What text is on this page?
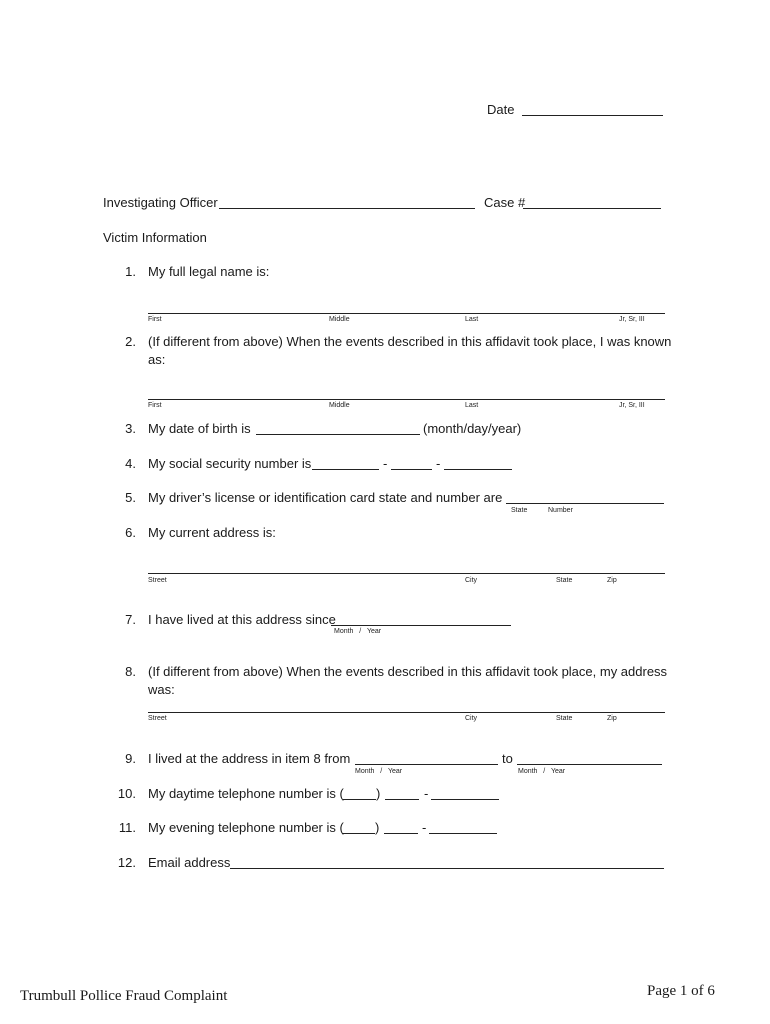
Date
Investigating Officer	Case #
Victim Information
1. My full legal name is:
First	Middle	Last	Jr, Sr, III
2. (If different from above) When the events described in this affidavit took place, I was known
as:
First	Middle	Last	Jr, Sr, III
3. My date of birth is	(month/day/year)
4. My social security number is	-	-
5. My driver’s license or identification card state and number are
State	Number
6. My current address is:
Street	City	State	Zip
7. I have lived at this address since
Month   /   Year
8. (If different from above) When the events described in this affidavit took place, my address
was:
Street	City	State	Zip
9. I lived at the address in item 8 from
Month   /   Year
to
Month   /   Year
10. My daytime telephone number is ( )	-
11. My evening telephone number is ( )	-
12. Email address
Trumbull Pollice Fraud Complaint	Page 1 of 6
